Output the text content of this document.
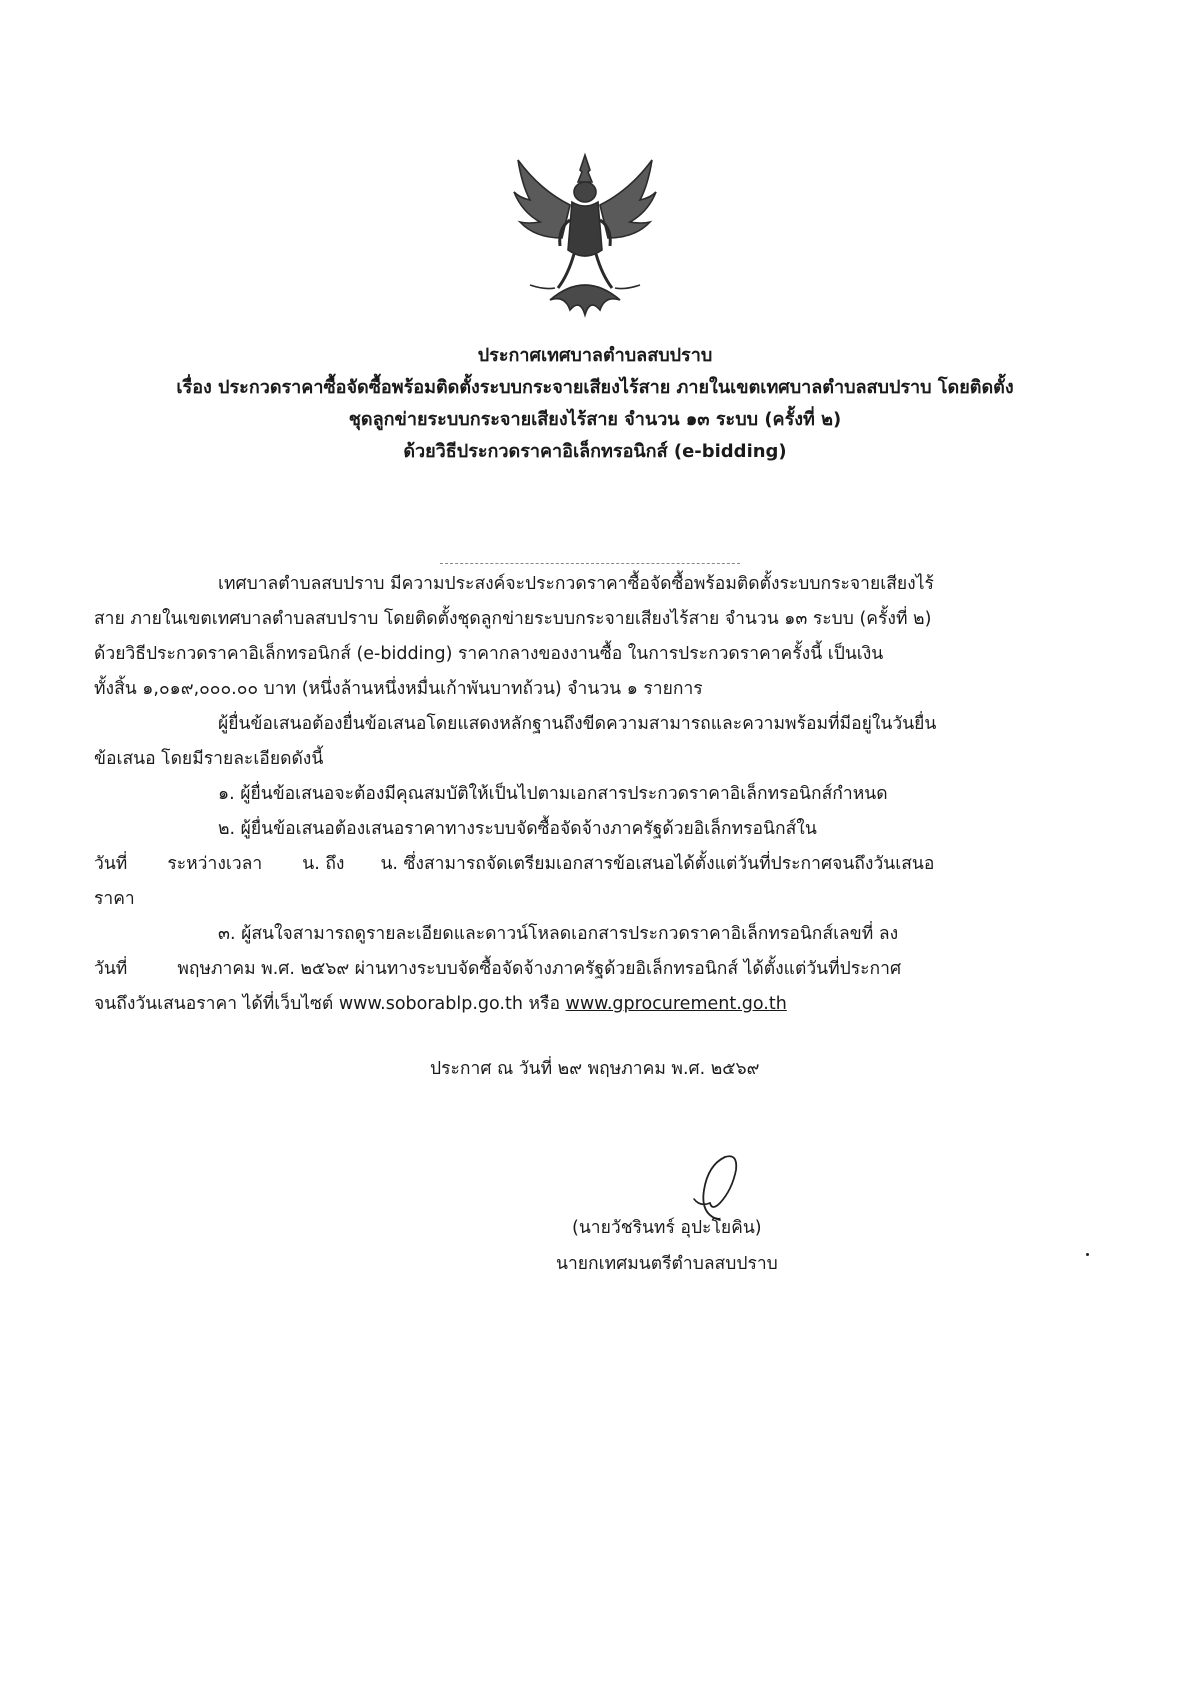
ประกาศเทศบาลตำบลสบปราบ

เรื่อง ประกวดราคาซื้อจัดซื้อพร้อมติดตั้งระบบกระจายเสียงไร้สาย ภายในเขตเทศบาลตำบลสบปราบ โดยติดตั้ง

ชุดลูกข่ายระบบกระจายเสียงไร้สาย จำนวน ๑๓ ระบบ (ครั้งที่ ๒)

ด้วยวิธีประกวดราคาอิเล็กทรอนิกส์ (e-bidding)

เทศบาลตำบลสบปราบ มีความประสงค์จะประกวดราคาซื้อจัดซื้อพร้อมติดตั้งระบบกระจายเสียงไร้

สาย ภายในเขตเทศบาลตำบลสบปราบ โดยติดตั้งชุดลูกข่ายระบบกระจายเสียงไร้สาย จำนวน ๑๓ ระบบ (ครั้งที่ ๒)

ด้วยวิธีประกวดราคาอิเล็กทรอนิกส์ (e-bidding) ราคากลางของงานซื้อ ในการประกวดราคาครั้งนี้ เป็นเงิน

ทั้งสิ้น ๑,๐๑๙,๐๐๐.๐๐ บาท (หนึ่งล้านหนึ่งหมื่นเก้าพันบาทถ้วน) จำนวน ๑ รายการ

ผู้ยื่นข้อเสนอต้องยื่นข้อเสนอโดยแสดงหลักฐานถึงขีดความสามารถและความพร้อมที่มีอยู่ในวันยื่น

ข้อเสนอ โดยมีรายละเอียดดังนี้

๑. ผู้ยื่นข้อเสนอจะต้องมีคุณสมบัติให้เป็นไปตามเอกสารประกวดราคาอิเล็กทรอนิกส์กำหนด

๒. ผู้ยื่นข้อเสนอต้องเสนอราคาทางระบบจัดซื้อจัดจ้างภาครัฐด้วยอิเล็กทรอนิกส์ใน

วันที่ ระหว่างเวลา น. ถึง น. ซึ่งสามารถจัดเตรียมเอกสารข้อเสนอได้ตั้งแต่วันที่ประกาศจนถึงวันเสนอ

ราคา

๓. ผู้สนใจสามารถดูรายละเอียดและดาวน์โหลดเอกสารประกวดราคาอิเล็กทรอนิกส์เลขที่ ลง

วันที่	พฤษภาคม พ.ศ. ๒๕๖๙ ผ่านทางระบบจัดซื้อจัดจ้างภาครัฐด้วยอิเล็กทรอนิกส์ ได้ตั้งแต่วันที่ประกาศ

จนถึงวันเสนอราคา ได้ที่เว็บไซต์ www.soborablp.go.th หรือ www.gprocurement.go.th

ประกาศ ณ วันที่ ๒๙ พฤษภาคม พ.ศ. ๒๕๖๙

(นายวัชรินทร์ อุปะโยคิน)
นายกเทศมนตรีตำบลสบปราบ
